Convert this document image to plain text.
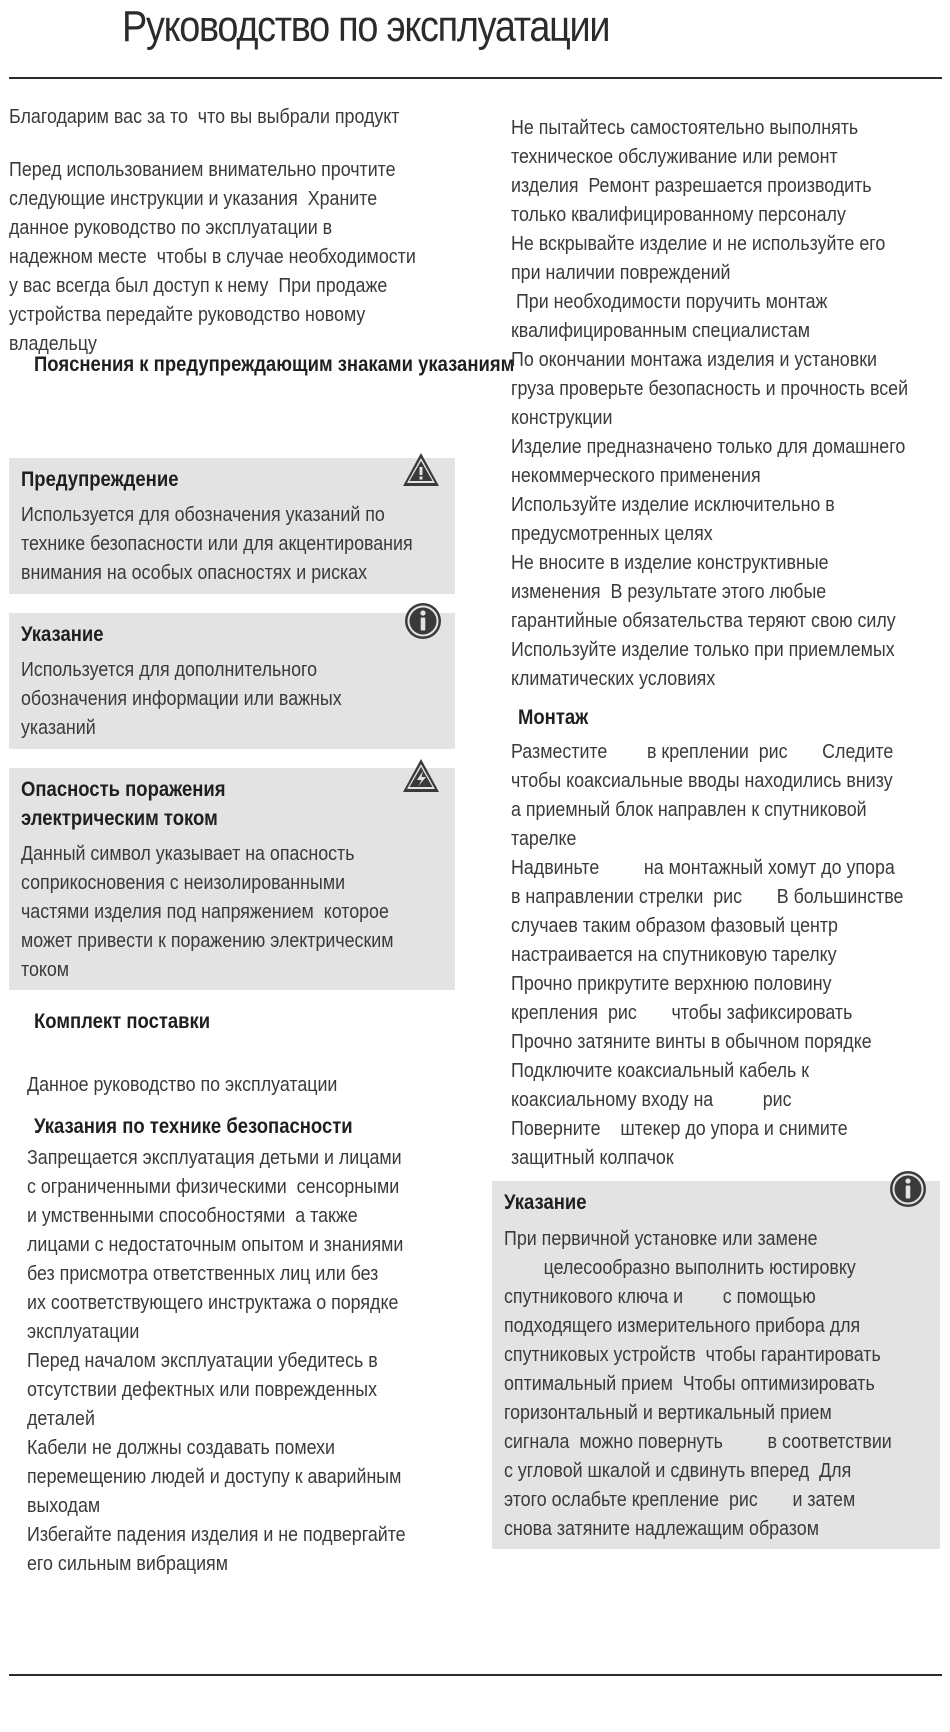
Руководство по эксплуатации
Благодарим вас за то  что вы выбрали продукт
Перед использованием внимательно прочтите
следующие инструкции и указания  Храните
данное руководство по эксплуатации в
надежном месте  чтобы в случае необходимости
у вас всегда был доступ к нему  При продаже
устройства передайте руководство новому
владельцу
Пояснения к предупреждающим знаками указаниям
Предупреждение
Используется для обозначения указаний по
технике безопасности или для акцентирования
внимания на особых опасностях и рисках
Указание
Используется для дополнительного
обозначения информации или важных
указаний
Опасность поражения
электрическим током
Данный символ указывает на опасность
соприкосновения с неизолированными
частями изделия под напряжением  которое
может привести к поражению электрическим
током
Комплект поставки
Данное руководство по эксплуатации
Указания по технике безопасности
Запрещается эксплуатация детьми и лицами
с ограниченными физическими  сенсорными
и умственными способностями  а также
лицами с недостаточным опытом и знаниями
без присмотра ответственных лиц или без
их соответствующего инструктажа о порядке
эксплуатации
Перед началом эксплуатации убедитесь в
отсутствии дефектных или поврежденных
деталей
Кабели не должны создавать помехи
перемещению людей и доступу к аварийным
выходам
Избегайте падения изделия и не подвергайте
его сильным вибрациям
Не пытайтесь самостоятельно выполнять
техническое обслуживание или ремонт
изделия  Ремонт разрешается производить
только квалифицированному персоналу
Не вскрывайте изделие и не используйте его
при наличии повреждений
При необходимости поручить монтаж
квалифицированным специалистам
По окончании монтажа изделия и установки
груза проверьте безопасность и прочность всей
конструкции
Изделие предназначено только для домашнего
некоммерческого применения
Используйте изделие исключительно в
предусмотренных целях
Не вносите в изделие конструктивные
изменения  В результате этого любые
гарантийные обязательства теряют свою силу
Используйте изделие только при приемлемых
климатических условиях
Монтаж
Разместите        в креплении  рис       Следите
чтобы коаксиальные вводы находились внизу
а приемный блок направлен к спутниковой
тарелке
Надвиньте         на монтажный хомут до упора
в направлении стрелки  рис       В большинстве
случаев таким образом фазовый центр
настраивается на спутниковую тарелку
Прочно прикрутите верхнюю половину
крепления  рис       чтобы зафиксировать
Прочно затяните винты в обычном порядке
Подключите коаксиальный кабель к
коаксиальному входу на          рис
Поверните    штекер до упора и снимите
защитный колпачок
Указание
При первичной установке или замене
целесообразно выполнить юстировку
спутникового ключа и        с помощью
подходящего измерительного прибора для
спутниковых устройств  чтобы гарантировать
оптимальный прием  Чтобы оптимизировать
горизонтальный и вертикальный прием
сигнала  можно повернуть         в соответствии
с угловой шкалой и сдвинуть вперед  Для
этого ослабьте крепление  рис       и затем
снова затяните надлежащим образом
